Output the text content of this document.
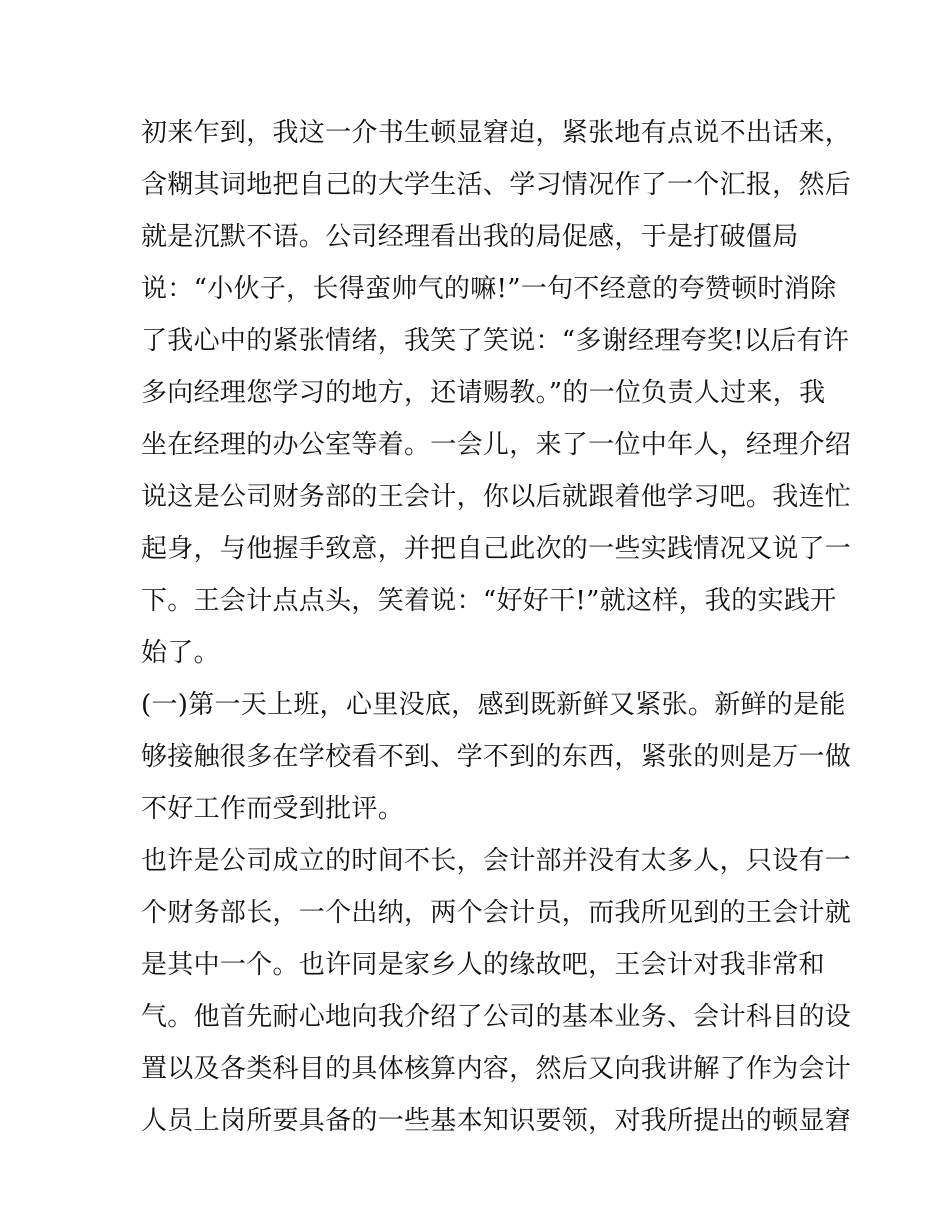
初来乍到，我这一介书生顿显窘迫，紧张地有点说不出话来，
含糊其词地把自己的大学生活、学习情况作了一个汇报，然后
就是沉默不语。公司经理看出我的局促感，于是打破僵局
说：“小伙子，长得蛮帅气的嘛!”一句不经意的夸赞顿时消除
了我心中的紧张情绪，我笑了笑说：“多谢经理夸奖!以后有许
多向经理您学习的地方，还请赐教。”的一位负责人过来，我
坐在经理的办公室等着。一会儿，来了一位中年人，经理介绍
说这是公司财务部的王会计，你以后就跟着他学习吧。我连忙
起身，与他握手致意，并把自己此次的一些实践情况又说了一
下。王会计点点头，笑着说：“好好干!”就这样，我的实践开
始了。
(一)第一天上班，心里没底，感到既新鲜又紧张。新鲜的是能
够接触很多在学校看不到、学不到的东西，紧张的则是万一做
不好工作而受到批评。
也许是公司成立的时间不长，会计部并没有太多人，只设有一
个财务部长，一个出纳，两个会计员，而我所见到的王会计就
是其中一个。也许同是家乡人的缘故吧，王会计对我非常和
气。他首先耐心地向我介绍了公司的基本业务、会计科目的设
置以及各类科目的具体核算内容，然后又向我讲解了作为会计
人员上岗所要具备的一些基本知识要领，对我所提出的顿显窘
